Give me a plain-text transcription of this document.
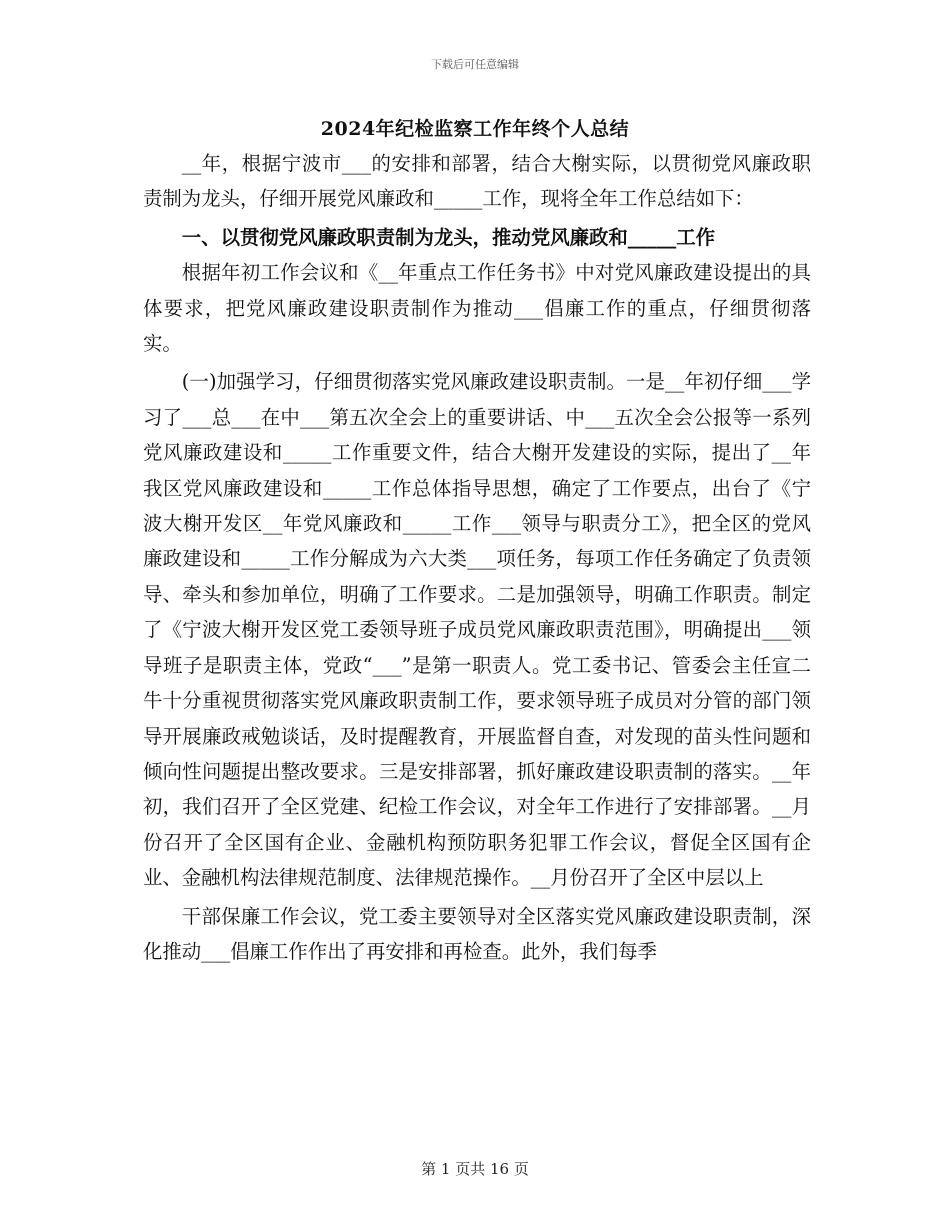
下载后可任意编辑
2024年纪检监察工作年终个人总结

__年，根据宁波市___的安排和部署，结合大榭实际，以贯彻党风廉政职责制为龙头，仔细开展党风廉政和_____工作，现将全年工作总结如下：

一、以贯彻党风廉政职责制为龙头，推动党风廉政和_____工作

根据年初工作会议和《__年重点工作任务书》中对党风廉政建设提出的具体要求，把党风廉政建设职责制作为推动___倡廉工作的重点，仔细贯彻落实。

(一)加强学习，仔细贯彻落实党风廉政建设职责制。一是__年初仔细___学习了___总___在中___第五次全会上的重要讲话、中___五次全会公报等一系列党风廉政建设和_____工作重要文件，结合大榭开发建设的实际，提出了__年我区党风廉政建设和_____工作总体指导思想，确定了工作要点，出台了《宁波大榭开发区__年党风廉政和_____工作___领导与职责分工》，把全区的党风廉政建设和_____工作分解成为六大类___项任务，每项工作任务确定了负责领导、牵头和参加单位，明确了工作要求。二是加强领导，明确工作职责。制定了《宁波大榭开发区党工委领导班子成员党风廉政职责范围》，明确提出___领导班子是职责主体，党政“___”是第一职责人。党工委书记、管委会主任宣二牛十分重视贯彻落实党风廉政职责制工作，要求领导班子成员对分管的部门领导开展廉政戒勉谈话，及时提醒教育，开展监督自查，对发现的苗头性问题和倾向性问题提出整改要求。三是安排部署，抓好廉政建设职责制的落实。__年初，我们召开了全区党建、纪检工作会议，对全年工作进行了安排部署。__月份召开了全区国有企业、金融机构预防职务犯罪工作会议，督促全区国有企业、金融机构法律规范制度、法律规范操作。__月份召开了全区中层以上

干部保廉工作会议，党工委主要领导对全区落实党风廉政建设职责制，深化推动___倡廉工作作出了再安排和再检查。此外，我们每季

第 1 页共 16 页
